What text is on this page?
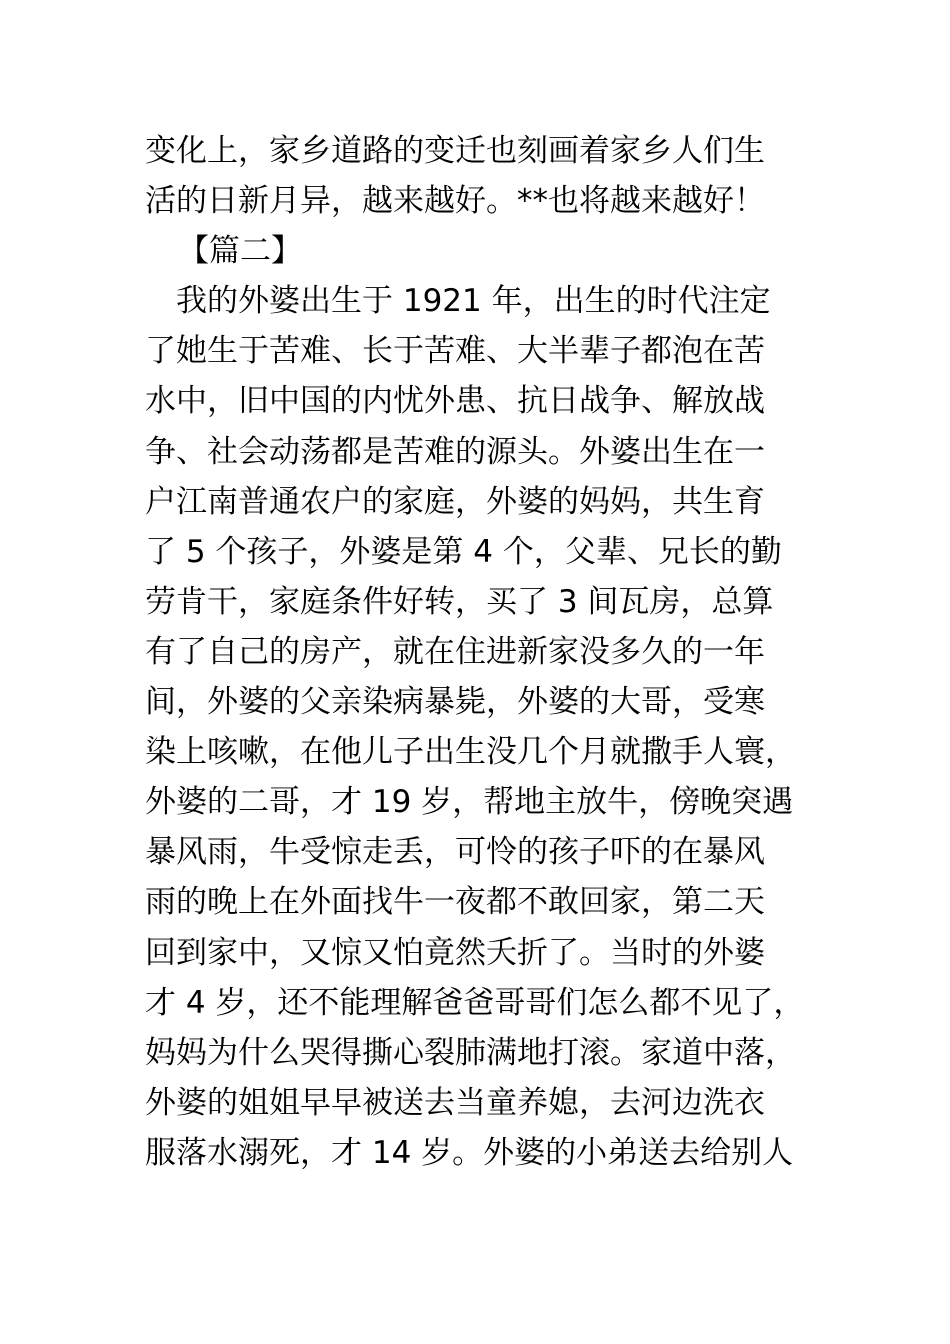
变化上，家乡道路的变迁也刻画着家乡人们生
活的日新月异，越来越好。**也将越来越好！
【篇二】
我的外婆出生于 1921 年，出生的时代注定
了她生于苦难、长于苦难、大半辈子都泡在苦
水中，旧中国的内忧外患、抗日战争、解放战
争、社会动荡都是苦难的源头。外婆出生在一
户江南普通农户的家庭，外婆的妈妈，共生育
了 5 个孩子，外婆是第 4 个，父辈、兄长的勤
劳肯干，家庭条件好转，买了 3 间瓦房，总算
有了自己的房产，就在住进新家没多久的一年
间，外婆的父亲染病暴毙，外婆的大哥，受寒
染上咳嗽，在他儿子出生没几个月就撒手人寰，
外婆的二哥，才 19 岁，帮地主放牛，傍晚突遇
暴风雨，牛受惊走丢，可怜的孩子吓的在暴风
雨的晚上在外面找牛一夜都不敢回家，第二天
回到家中，又惊又怕竟然夭折了。当时的外婆
才 4 岁，还不能理解爸爸哥哥们怎么都不见了，
妈妈为什么哭得撕心裂肺满地打滚。家道中落，
外婆的姐姐早早被送去当童养媳，去河边洗衣
服落水溺死，才 14 岁。外婆的小弟送去给别人
